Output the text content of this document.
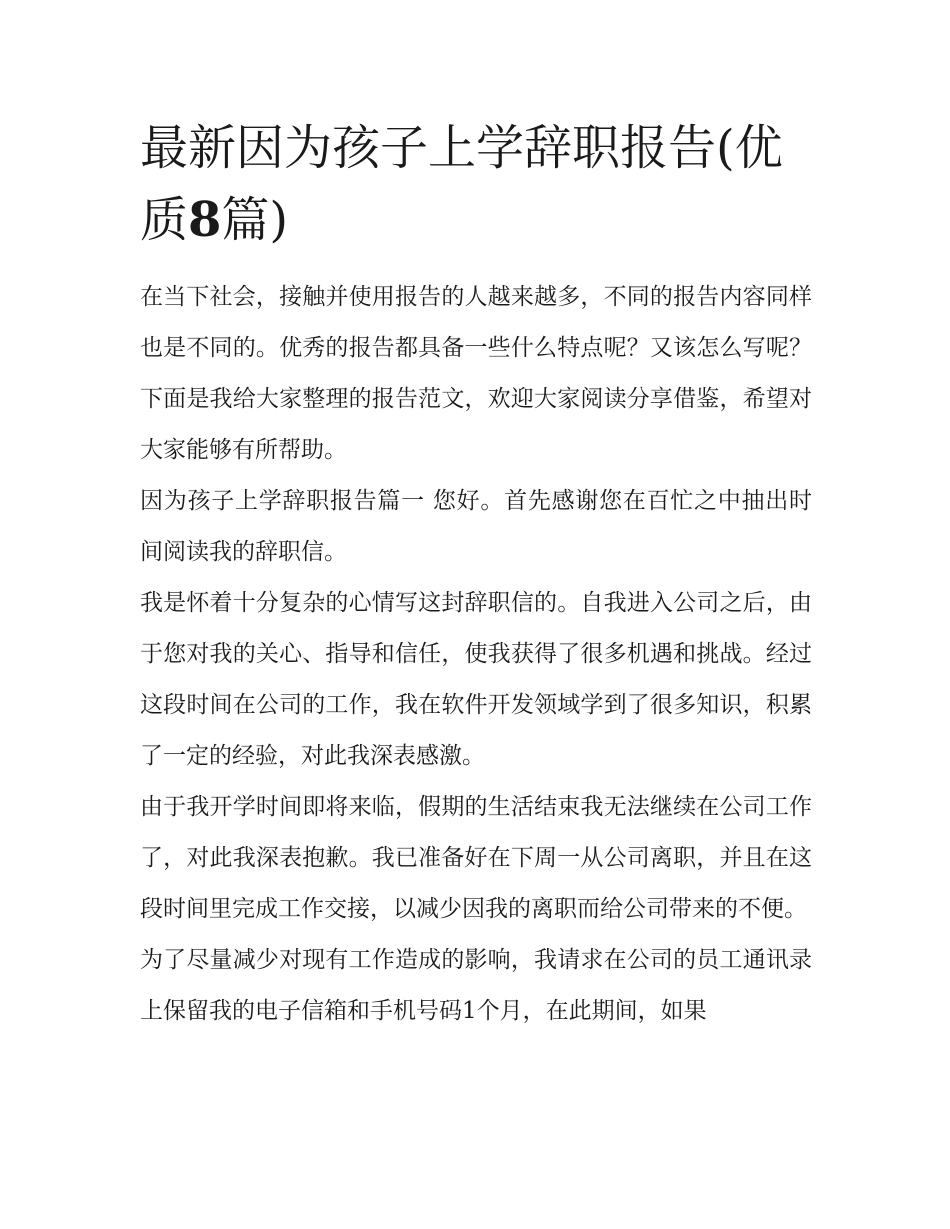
最新因为孩子上学辞职报告(优质8篇)

在当下社会，接触并使用报告的人越来越多，不同的报告内容同样也是不同的。优秀的报告都具备一些什么特点呢？又该怎么写呢？下面是我给大家整理的报告范文，欢迎大家阅读分享借鉴，希望对大家能够有所帮助。

因为孩子上学辞职报告篇一 您好。首先感谢您在百忙之中抽出时间阅读我的辞职信。

我是怀着十分复杂的心情写这封辞职信的。自我进入公司之后，由于您对我的关心、指导和信任，使我获得了很多机遇和挑战。经过这段时间在公司的工作，我在软件开发领域学到了很多知识，积累了一定的经验，对此我深表感激。

由于我开学时间即将来临，假期的生活结束我无法继续在公司工作了，对此我深表抱歉。我已准备好在下周一从公司离职，并且在这段时间里完成工作交接，以减少因我的离职而给公司带来的不便。

为了尽量减少对现有工作造成的影响，我请求在公司的员工通讯录上保留我的电子信箱和手机号码1个月，在此期间，如果
